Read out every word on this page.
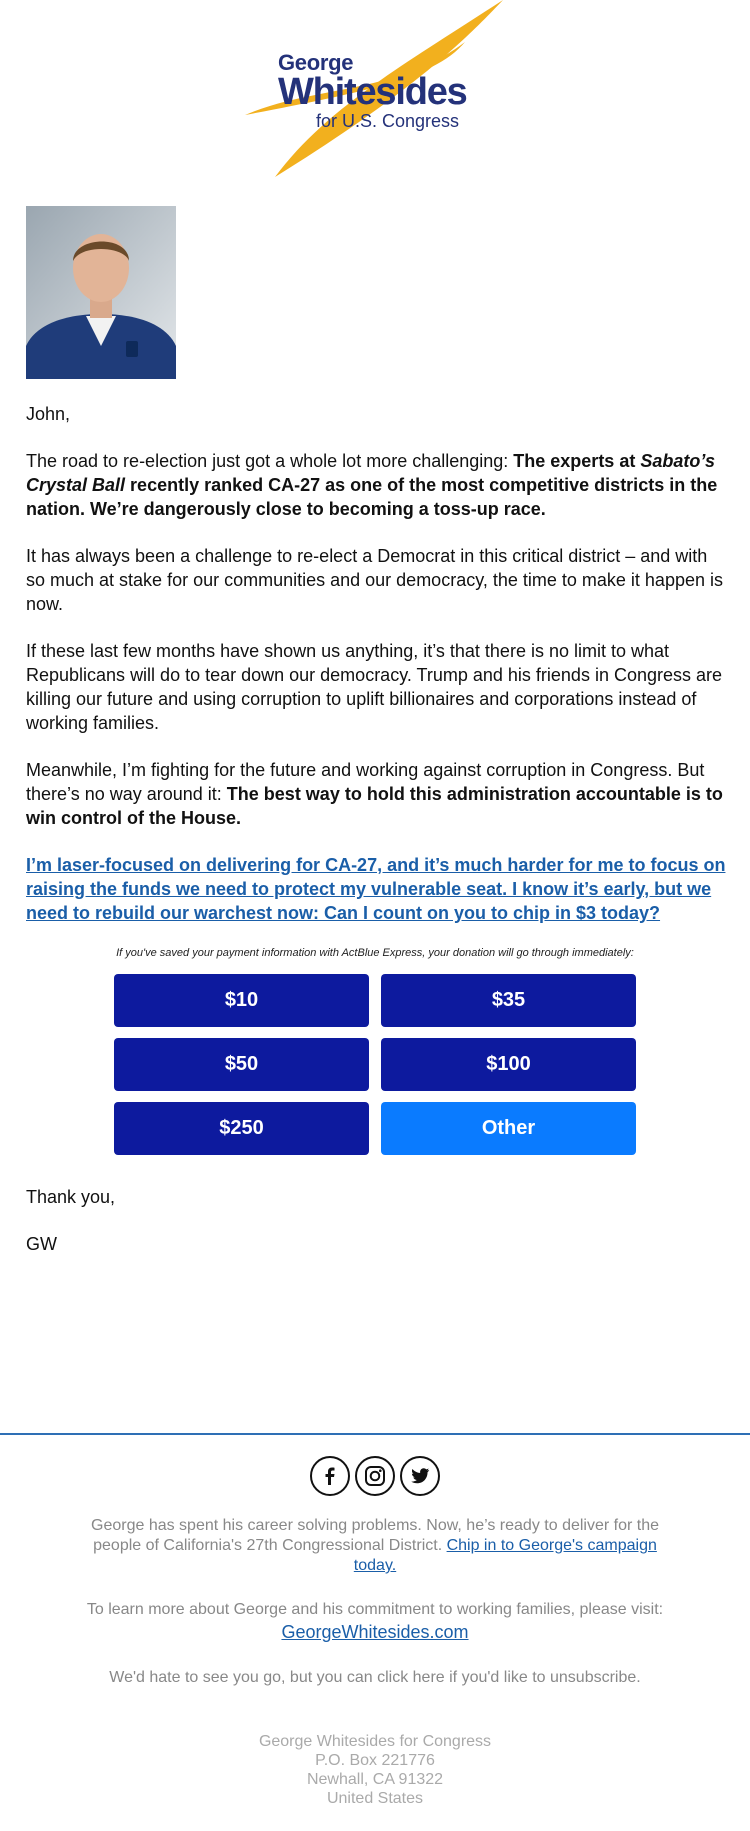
George
Whitesides
for U.S. Congress

John,

The road to re-election just got a whole lot more challenging: The experts at Sabato’s Crystal Ball recently ranked CA-27 as one of the most competitive districts in the nation. We’re dangerously close to becoming a toss-up race.

It has always been a challenge to re-elect a Democrat in this critical district – and with so much at stake for our communities and our democracy, the time to make it happen is now.

If these last few months have shown us anything, it’s that there is no limit to what Republicans will do to tear down our democracy. Trump and his friends in Congress are killing our future and using corruption to uplift billionaires and corporations instead of working families.

Meanwhile, I’m fighting for the future and working against corruption in Congress. But there’s no way around it: The best way to hold this administration accountable is to win control of the House.

I’m laser-focused on delivering for CA-27, and it’s much harder for me to focus on raising the funds we need to protect my vulnerable seat. I know it’s early, but we need to rebuild our warchest now: Can I count on you to chip in $3 today?

If you've saved your payment information with ActBlue Express, your donation will go through immediately:
$10	$35
$50	$100
$250	Other

Thank you,

GW

George has spent his career solving problems. Now, he’s ready to deliver for the people of California's 27th Congressional District. Chip in to George's campaign today.
To learn more about George and his commitment to working families, please visit:
GeorgeWhitesides.com
We'd hate to see you go, but you can click here if you'd like to unsubscribe.
George Whitesides for Congress
P.O. Box 221776
Newhall, CA 91322
United States
